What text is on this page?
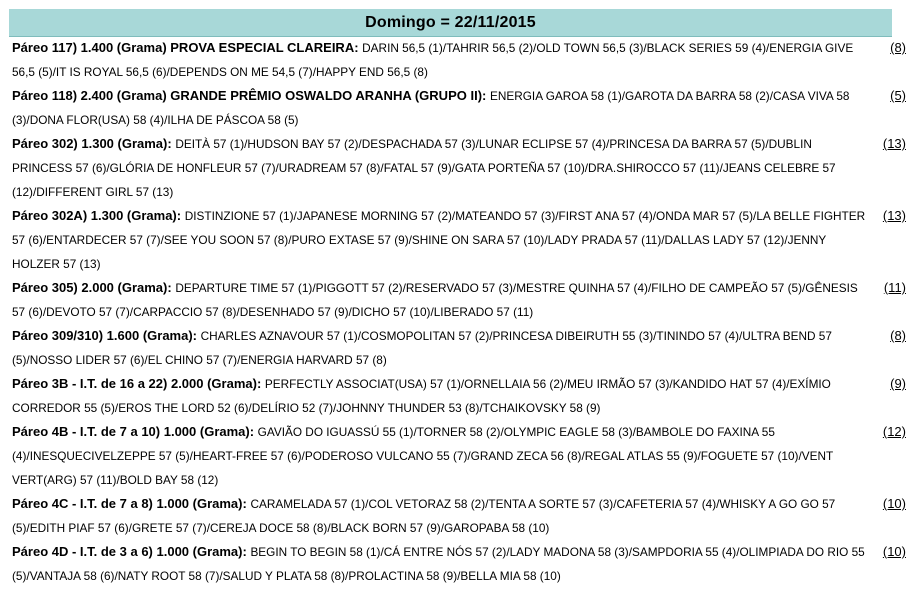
Domingo = 22/11/2015
Páreo 117) 1.400 (Grama) PROVA ESPECIAL CLAREIRA: DARIN 56,5 (1)/TAHRIR 56,5 (2)/OLD TOWN 56,5 (3)/BLACK SERIES 59 (4)/ENERGIA GIVE 56,5 (5)/IT IS ROYAL 56,5 (6)/DEPENDS ON ME 54,5 (7)/HAPPY END 56,5 (8)
(8)
Páreo 118) 2.400 (Grama) GRANDE PRÊMIO OSWALDO ARANHA (GRUPO II): ENERGIA GAROA 58 (1)/GAROTA DA BARRA 58 (2)/CASA VIVA 58 (3)/DONA FLOR(USA) 58 (4)/ILHA DE PÁSCOA 58 (5)
(5)
Páreo 302) 1.300 (Grama): DEITÀ 57 (1)/HUDSON BAY 57 (2)/DESPACHADA 57 (3)/LUNAR ECLIPSE 57 (4)/PRINCESA DA BARRA 57 (5)/DUBLIN PRINCESS 57 (6)/GLÓRIA DE HONFLEUR 57 (7)/URADREAM 57 (8)/FATAL 57 (9)/GATA PORTEÑA 57 (10)/DRA.SHIROCCO 57 (11)/JEANS CELEBRE 57 (12)/DIFFERENT GIRL 57 (13)
(13)
Páreo 302A) 1.300 (Grama): DISTINZIONE 57 (1)/JAPANESE MORNING 57 (2)/MATEANDO 57 (3)/FIRST ANA 57 (4)/ONDA MAR 57 (5)/LA BELLE FIGHTER 57 (6)/ENTARDECER 57 (7)/SEE YOU SOON 57 (8)/PURO EXTASE 57 (9)/SHINE ON SARA 57 (10)/LADY PRADA 57 (11)/DALLAS LADY 57 (12)/JENNY HOLZER 57 (13)
(13)
Páreo 305) 2.000 (Grama): DEPARTURE TIME 57 (1)/PIGGOTT 57 (2)/RESERVADO 57 (3)/MESTRE QUINHA 57 (4)/FILHO DE CAMPEÃO 57 (5)/GÊNESIS 57 (6)/DEVOTO 57 (7)/CARPACCIO 57 (8)/DESENHADO 57 (9)/DICHO 57 (10)/LIBERADO 57 (11)
(11)
Páreo 309/310) 1.600 (Grama): CHARLES AZNAVOUR 57 (1)/COSMOPOLITAN 57 (2)/PRINCESA DIBEIRUTH 55 (3)/TININDO 57 (4)/ULTRA BEND 57 (5)/NOSSO LIDER 57 (6)/EL CHINO 57 (7)/ENERGIA HARVARD 57 (8)
(8)
Páreo 3B - I.T. de 16 a 22) 2.000 (Grama): PERFECTLY ASSOCIAT(USA) 57 (1)/ORNELLAIA 56 (2)/MEU IRMÃO 57 (3)/KANDIDO HAT 57 (4)/EXÍMIO CORREDOR 55 (5)/EROS THE LORD 52 (6)/DELÍRIO 52 (7)/JOHNNY THUNDER 53 (8)/TCHAIKOVSKY 58 (9)
(9)
Páreo 4B - I.T. de 7 a 10) 1.000 (Grama): GAVIÃO DO IGUASSÚ 55 (1)/TORNER 58 (2)/OLYMPIC EAGLE 58 (3)/BAMBOLE DO FAXINA 55 (4)/INESQUECIVELZEPPE 57 (5)/HEART-FREE 57 (6)/PODEROSO VULCANO 55 (7)/GRAND ZECA 56 (8)/REGAL ATLAS 55 (9)/FOGUETE 57 (10)/VENT VERT(ARG) 57 (11)/BOLD BAY 58 (12)
(12)
Páreo 4C - I.T. de 7 a 8) 1.000 (Grama): CARAMELADA 57 (1)/COL VETORAZ 58 (2)/TENTA A SORTE 57 (3)/CAFETERIA 57 (4)/WHISKY A GO GO 57 (5)/EDITH PIAF 57 (6)/GRETE 57 (7)/CEREJA DOCE 58 (8)/BLACK BORN 57 (9)/GAROPABA 58 (10)
(10)
Páreo 4D - I.T. de 3 a 6) 1.000 (Grama): BEGIN TO BEGIN 58 (1)/CÁ ENTRE NÓS 57 (2)/LADY MADONA 58 (3)/SAMPDORIA 55 (4)/OLIMPIADA DO RIO 55 (5)/VANTAJA 58 (6)/NATY ROOT 58 (7)/SALUD Y PLATA 58 (8)/PROLACTINA 58 (9)/BELLA MIA 58 (10)
(10)
